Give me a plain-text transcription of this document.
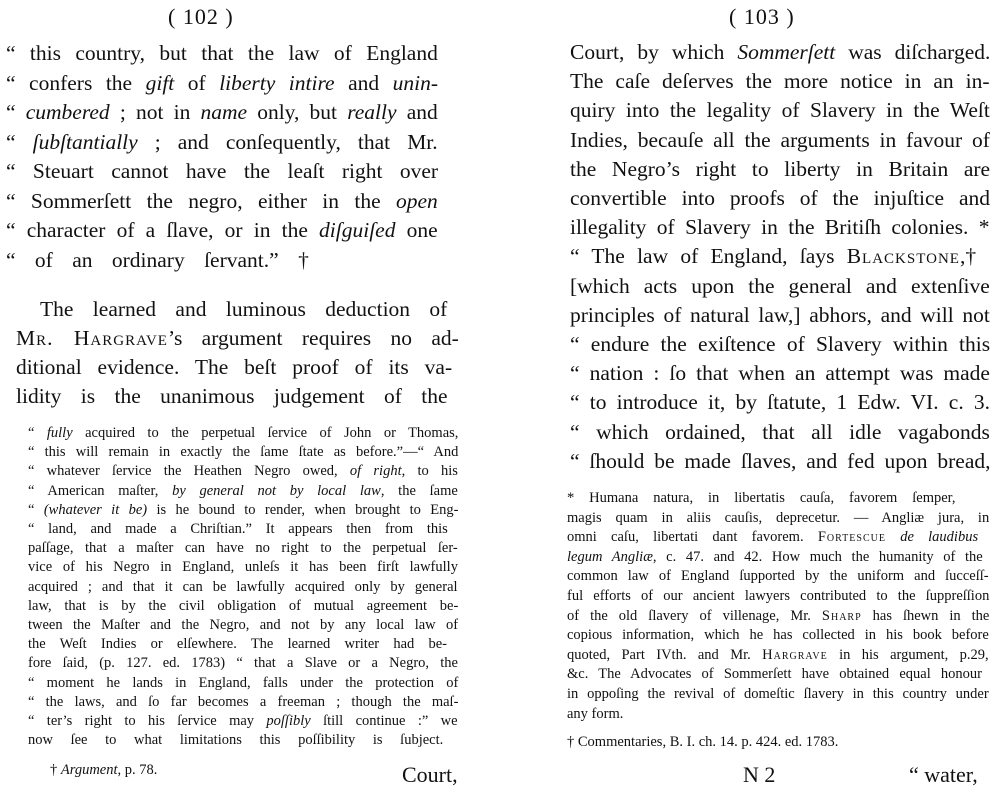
( 102 )
“ this country, but that the law of England
“ confers the gift of liberty intire and unin-
“ cumbered ; not in name only, but really and
“ ſubſtantially ; and conſequently, that Mr.
“ Steuart cannot have the leaſt right over
“ Sommerſett the negro, either in the open
“ character of a ſlave, or in the diſguiſed one
“ of an ordinary ſervant.” †
The learned and luminous deduction of
Mr. Hargrave’s argument requires no ad-
ditional evidence. The beſt proof of its va-
lidity is the unanimous judgement of the
“ fully acquired to the perpetual ſervice of John or Thomas,
“ this will remain in exactly the ſame ſtate as before.”—“ And
“ whatever ſervice the Heathen Negro owed, of right, to his
“ American maſter, by general not by local law, the ſame
“ (whatever it be) is he bound to render, when brought to Eng-
“ land, and made a Chriſtian.” It appears then from this
paſſage, that a maſter can have no right to the perpetual ſer-
vice of his Negro in England, unleſs it has been firſt lawfully
acquired ; and that it can be lawfully acquired only by general
law, that is by the civil obligation of mutual agreement be-
tween the Maſter and the Negro, and not by any local law of
the Weſt Indies or elſewhere. The learned writer had be-
fore ſaid, (p. 127. ed. 1783) “ that a Slave or a Negro, the
“ moment he lands in England, falls under the protection of
“ the laws, and ſo far becomes a freeman ; though the maſ-
“ ter’s right to his ſervice may poſſibly ſtill continue :” we
now ſee to what limitations this poſſibility is ſubject.
† Argument, p. 78.	Court,
( 103 )
N 2	“ water,
Court, by which Sommerſett was diſcharged.
The caſe deſerves the more notice in an in-
quiry into the legality of Slavery in the Weſt
Indies, becauſe all the arguments in favour of
the Negro’s right to liberty in Britain are
convertible into proofs of the injuſtice and
illegality of Slavery in the Britiſh colonies. *
“ The law of England, ſays Blackstone,†
[which acts upon the general and extenſive
principles of natural law,] abhors, and will not
“ endure the exiſtence of Slavery within this
“ nation : ſo that when an attempt was made
“ to introduce it, by ſtatute, 1 Edw. VI. c. 3.
“ which ordained, that all idle vagabonds
“ ſhould be made ſlaves, and fed upon bread,
* Humana natura, in libertatis cauſa, favorem ſemper,
magis quam in aliis cauſis, deprecetur. — Angliæ jura, in
omni caſu, libertati dant favorem. Fortescue de laudibus
legum Angliæ, c. 47. and 42. How much the humanity of the
common law of England ſupported by the uniform and ſucceſſ-
ful efforts of our ancient lawyers contributed to the ſuppreſſion
of the old ſlavery of villenage, Mr. Sharp has ſhewn in the
copious information, which he has collected in his book before
quoted, Part IVth. and Mr. Hargrave in his argument, p.29,
&c. The Advocates of Sommerſett have obtained equal honour
in oppoſing the revival of domeſtic ſlavery in this country under
any form.
† Commentaries, B. I. ch. 14. p. 424. ed. 1783.
